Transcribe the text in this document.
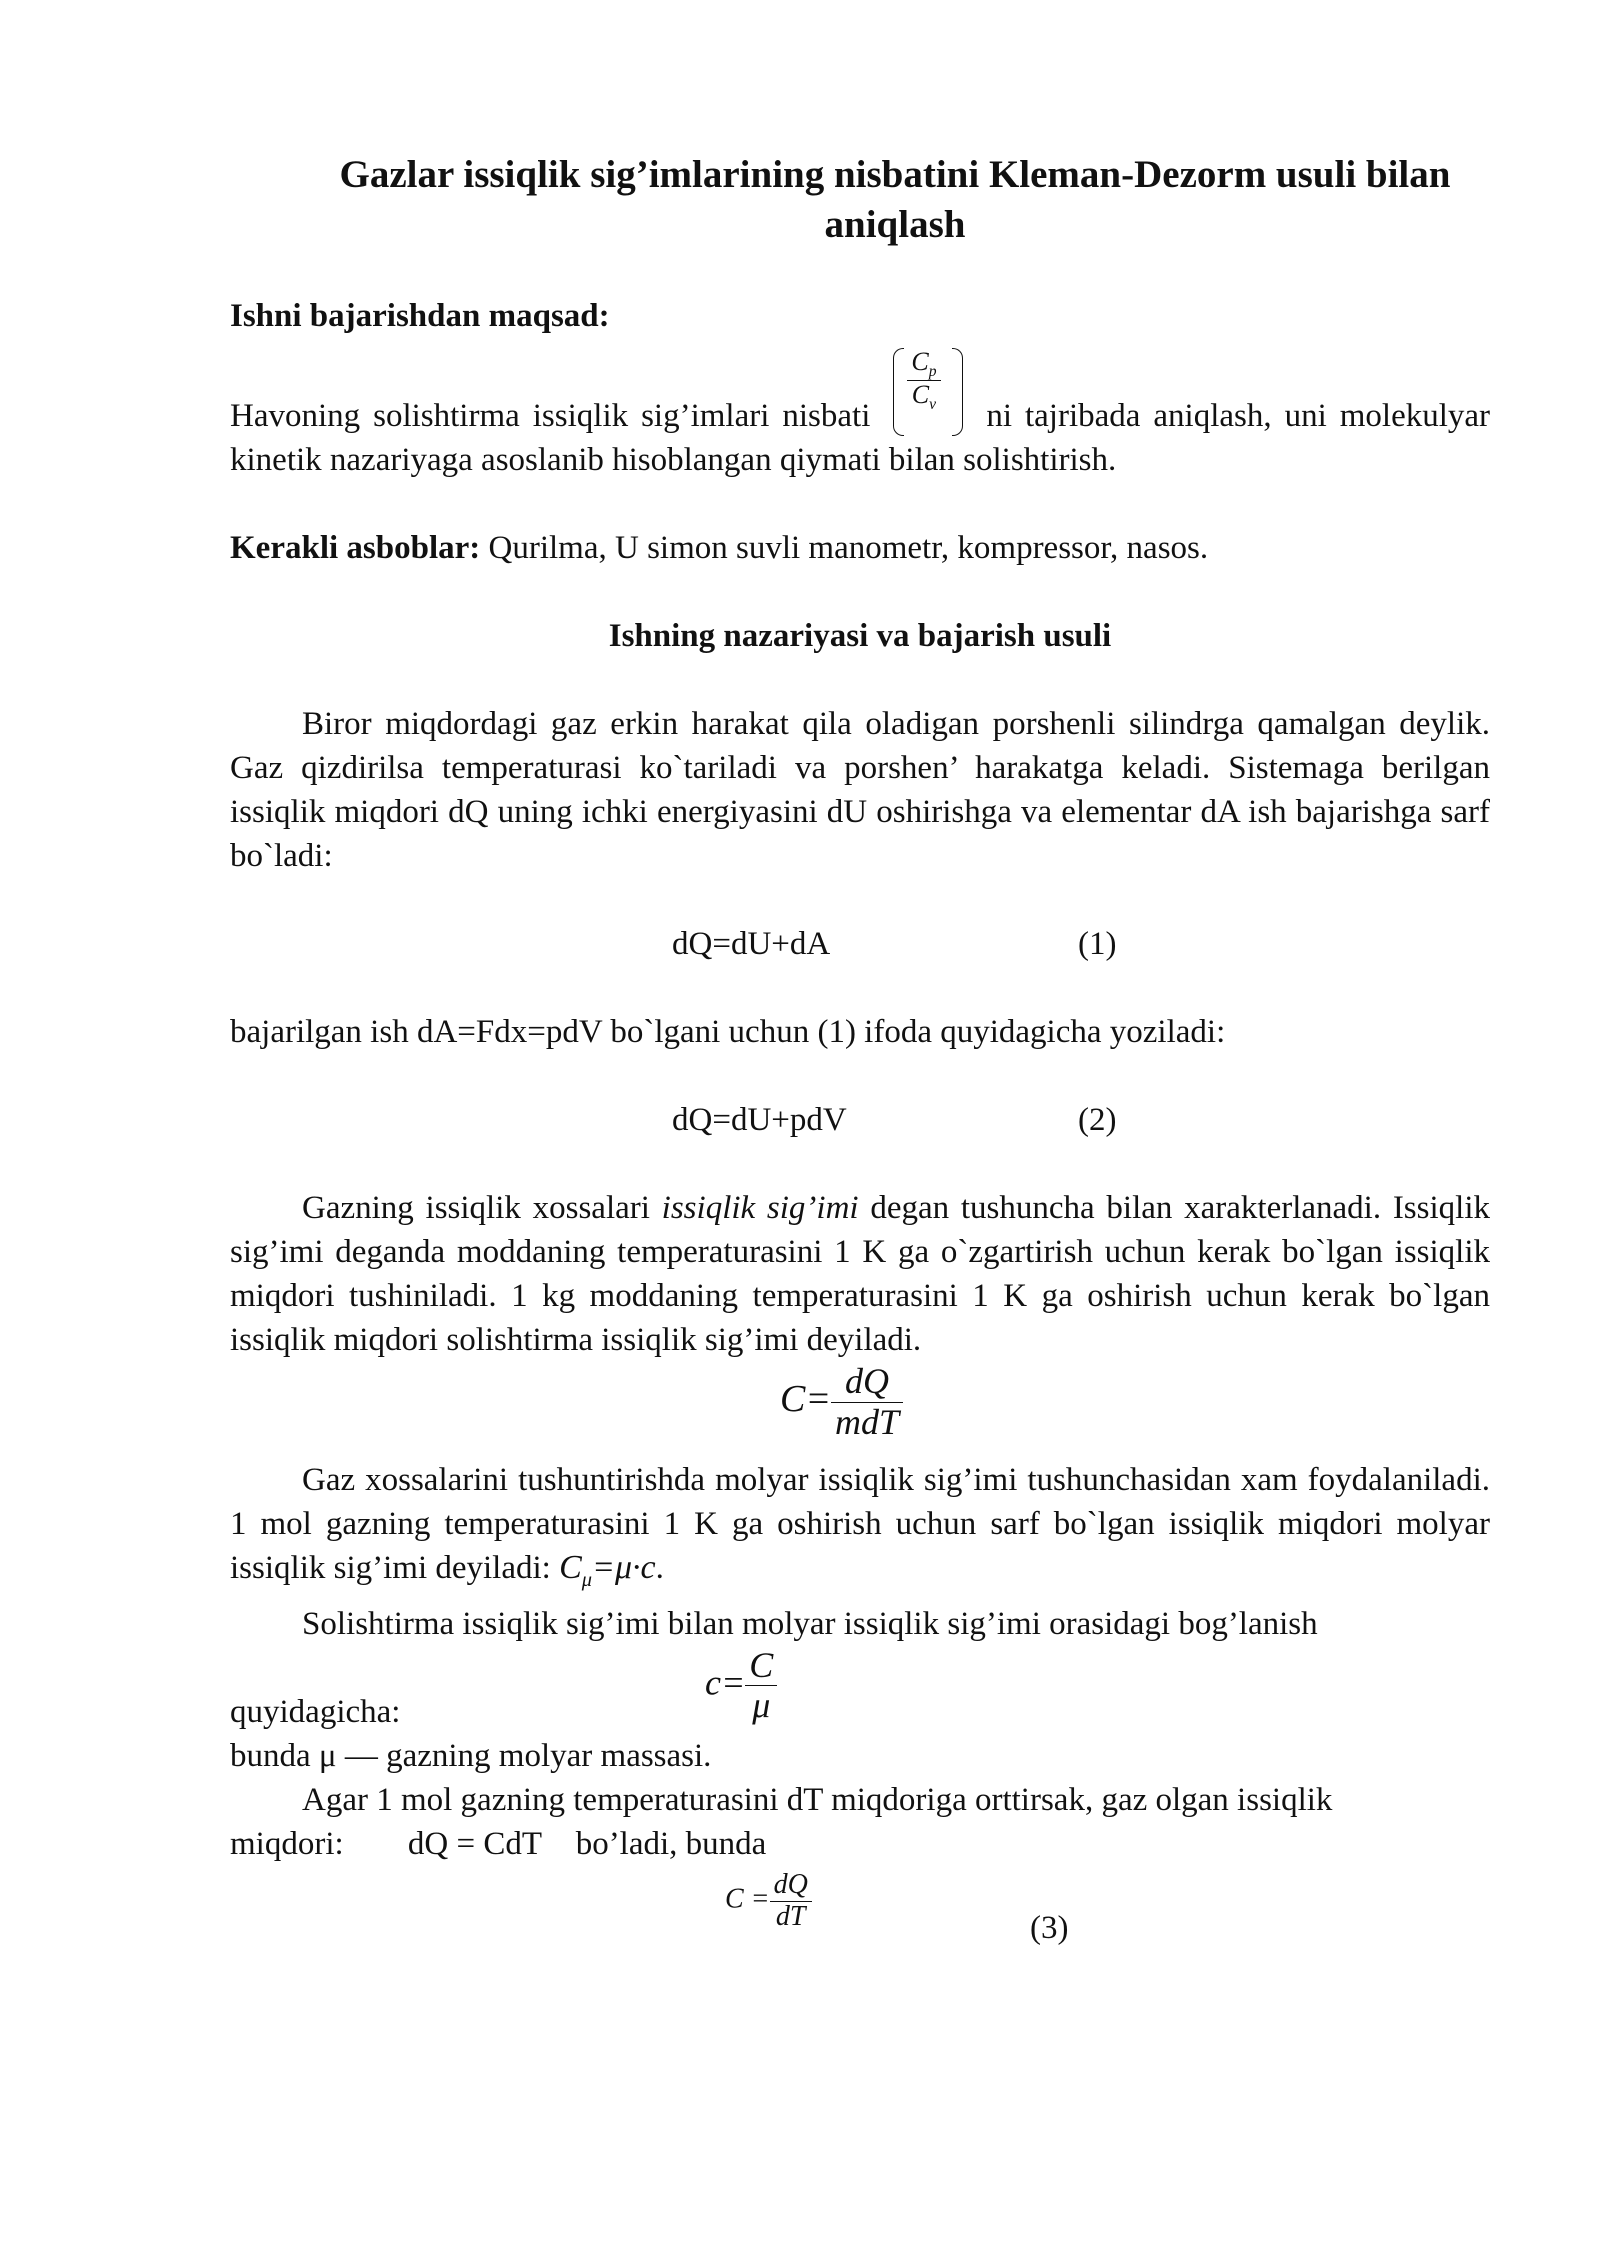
Gazlar issiqlik sig’imlarining nisbatini Kleman-Dezorm usuli bilan aniqlash

Ishni bajarishdan maqsad:

Havoning solishtirma issiqlik sig’imlari nisbati
$\frac{C_p}{C_v}$
ni tajribada aniqlash, uni molekulyar kinetik nazariyaga asoslanib hisoblangan qiymati bilan solishtirish.

Kerakli asboblar: Qurilma, U simon suvli manometr, kompressor, nasos.

Ishning nazariyasi va bajarish usuli

Biror miqdordagi gaz erkin harakat qila oladigan porshenli silindrga qamalgan deylik. Gaz qizdirilsa temperaturasi ko`tariladi va porshen’ harakatga keladi. Sistemaga berilgan issiqlik miqdori dQ uning ichki energiyasini dU oshirishga va elementar dA ish bajarishga sarf bo`ladi:

dQ=dU+dA	(1)

bajarilgan ish dA=Fdx=pdV bo`lgani uchun (1) ifoda quyidagicha yoziladi:

dQ=dU+pdV	(2)

Gazning issiqlik xossalari issiqlik sig’imi degan tushuncha bilan xarakterlanadi. Issiqlik sig’imi deganda moddaning temperaturasini 1 K ga o`zgartirish uchun kerak bo`lgan issiqlik miqdori tushiniladi. 1 kg moddaning temperaturasini 1 K ga oshirish uchun kerak bo`lgan issiqlik miqdori solishtirma issiqlik sig’imi deyiladi.

$C= \frac{dQ}{\text{mdT}}$

Gaz xossalarini tushuntirishda molyar issiqlik sig’imi tushunchasidan xam foydalaniladi. 1 mol gazning temperaturasini 1 K ga oshirish uchun sarf bo`lgan issiqlik miqdori molyar issiqlik sig’imi deyiladi: $C_\mu=\mu\cdot c$.

Solishtirma issiqlik sig’imi bilan molyar issiqlik sig’imi orasidagi bog’lanish

quyidagicha:
$c= \frac{C}{\mu}$

bunda μ — gazning molyar massasi.

Agar 1 mol gazning temperaturasini dT miqdoriga orttirsak, gaz olgan issiqlik

miqdori: dQ = CdT bo’ladi, bunda

$C = \frac{dQ}{dT}$	(3)
